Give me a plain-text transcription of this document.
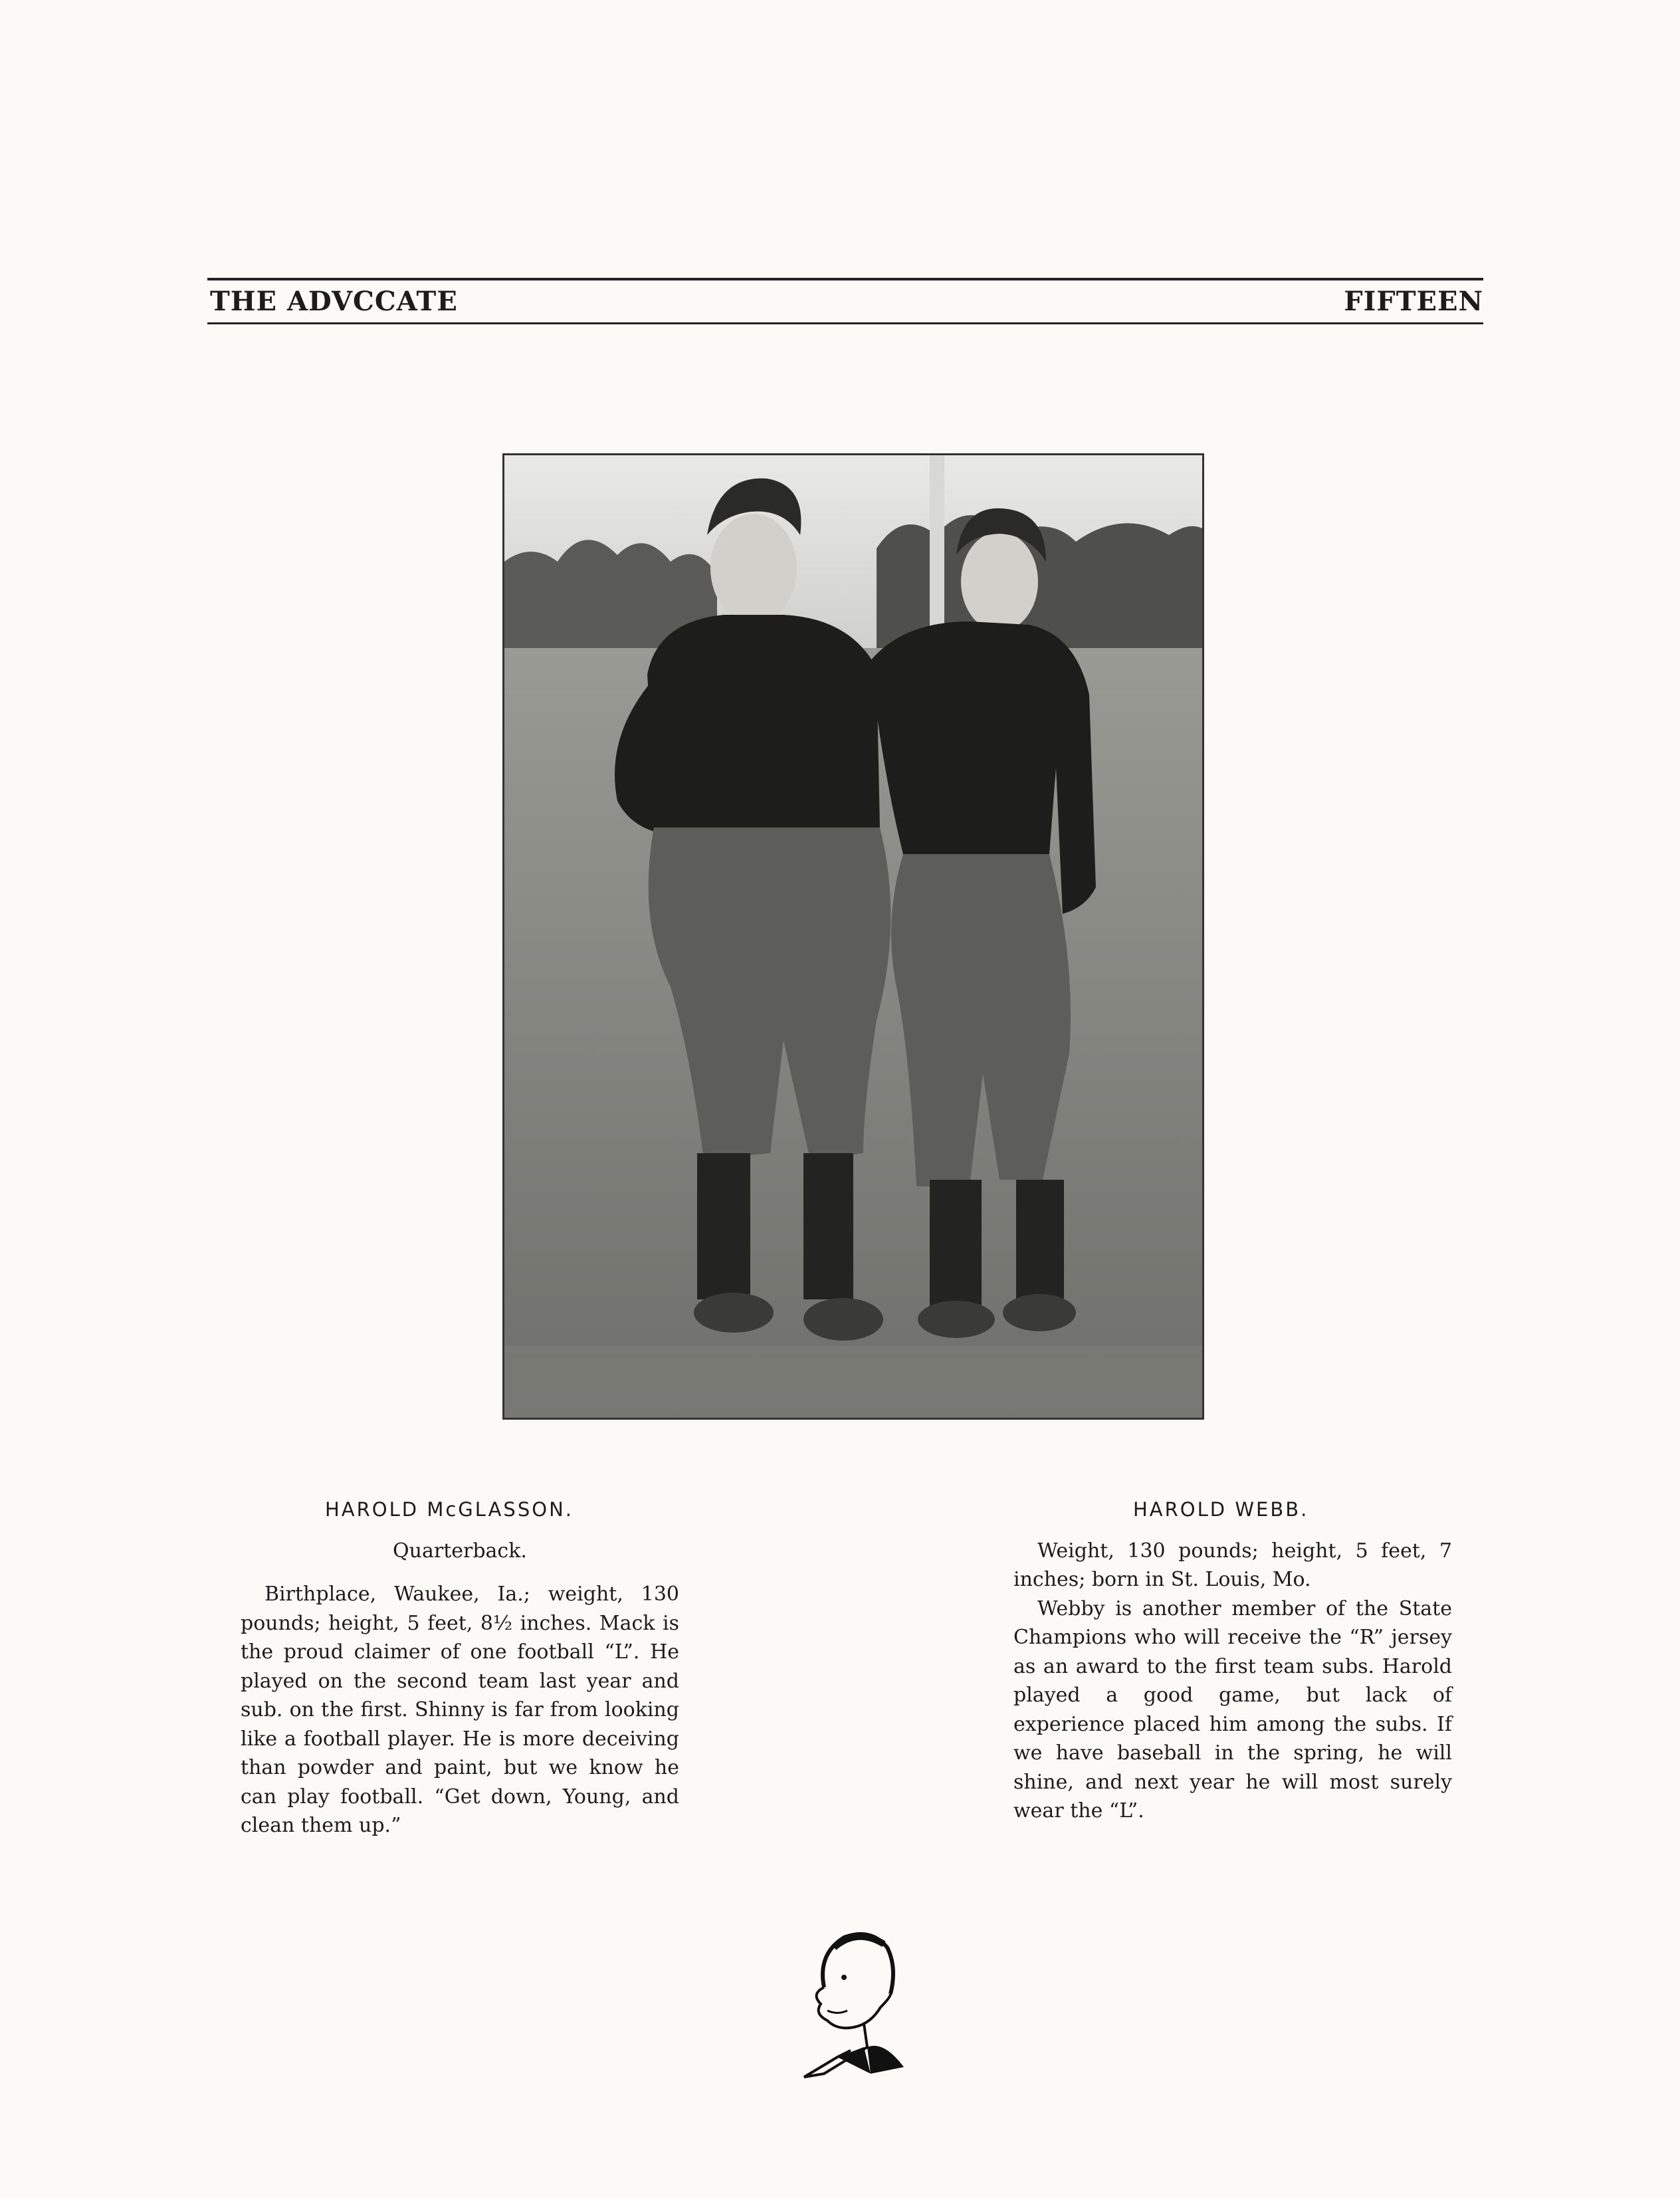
THE ADVCCATE	FIFTEEN
HAROLD McGLASSON.
Quarterback.

Birthplace, Waukee, Ia.; weight, 130 pounds; height, 5 feet, 8½ inches. Mack is the proud claimer of one football “L”. He played on the second team last year and sub. on the first. Shinny is far from looking like a football player. He is more deceiving than powder and paint, but we know he can play football. “Get down, Young, and clean them up.”

HAROLD WEBB.

Weight, 130 pounds; height, 5 feet, 7 inches; born in St. Louis, Mo.

Webby is another member of the State Champions who will receive the “R” jersey as an award to the first team subs. Harold played a good game, but lack of experience placed him among the subs. If we have baseball in the spring, he will shine, and next year he will most surely wear the “L”.
